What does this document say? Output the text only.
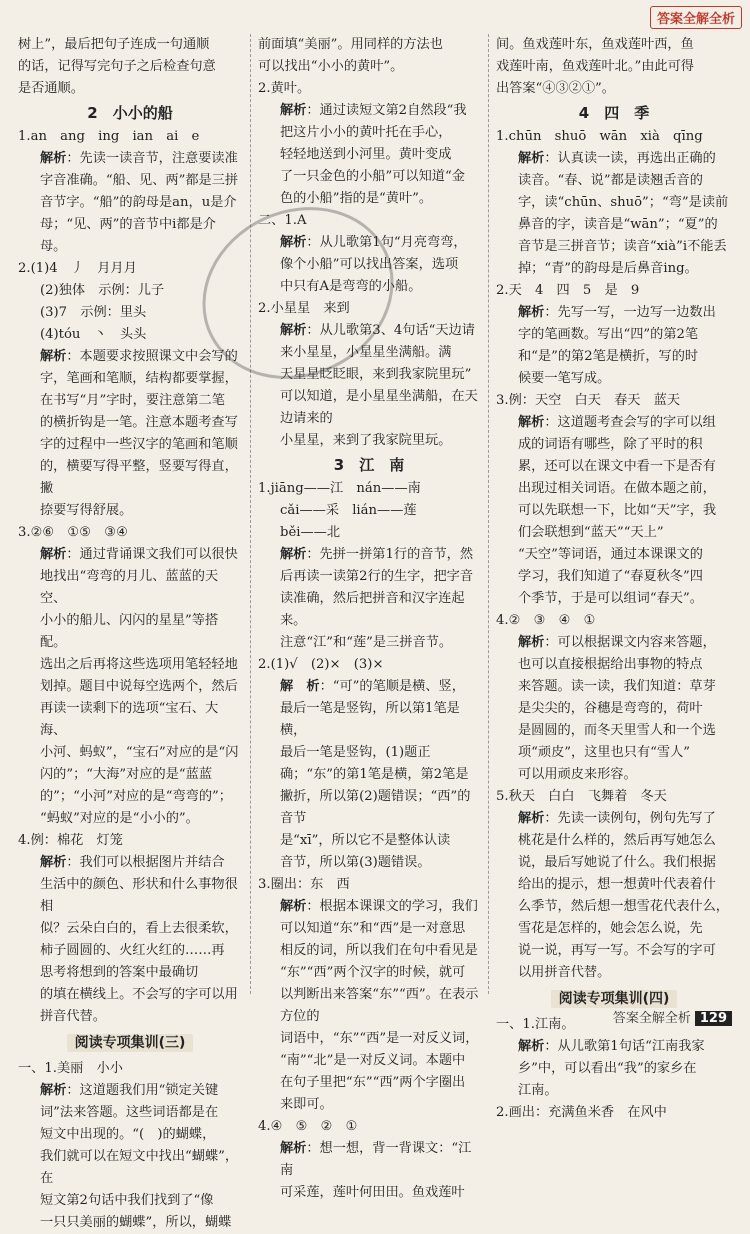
答案全解全析
树上”，最后把句子连成一句通顺
的话，记得写完句子之后检查句意
是否通顺。
2　小小的船
1.an　ang　ing　ian　ai　e
解析：先读一读音节，注意要读准
字音准确。“船、见、两”都是三拼
音节字。“船”的韵母是an，u是介
母；“见、两”的音节中i都是介母。
2.(1)4　丿　月月月
(2)独体　示例：儿子
(3)7　示例：里头
(4)tóu　丶　头头
解析：本题要求按照课文中会写的
字，笔画和笔顺，结构都要掌握，
在书写“月”字时，要注意第二笔
的横折钩是一笔。注意本题考查写
字的过程中一些汉字的笔画和笔顺
的，横要写得平整，竖要写得直，撇
捺要写得舒展。
3.②⑥　①⑤　③④
解析：通过背诵课文我们可以很快
地找出“弯弯的月儿、蓝蓝的天空、
小小的船儿、闪闪的星星”等搭配。
选出之后再将这些选项用笔轻轻地
划掉。题目中说每空选两个，然后
再读一读剩下的选项“宝石、大海、
小河、蚂蚁”，“宝石”对应的是“闪
闪的”；“大海”对应的是“蓝蓝
的”；“小河”对应的是“弯弯的”；
“蚂蚁”对应的是“小小的”。
4.例：棉花　灯笼
解析：我们可以根据图片并结合
生活中的颜色、形状和什么事物很相
似？云朵白白的，看上去很柔软，
柿子圆圆的、火红火红的……再
思考将想到的答案中最确切
的填在横线上。不会写的字可以用
拼音代替。
阅读专项集训(三)
一、1.美丽　小小
解析：这道题我们用“锁定关键
词”法来答题。这些词语都是在
短文中出现的。“(　)的蝴蝶，
我们就可以在短文中找出“蝴蝶”，在
短文第2句话中我们找到了“像
一只只美丽的蝴蝶”，所以，蝴蝶
前面填“美丽”。用同样的方法也
可以找出“小小的黄叶”。
2.黄叶。
解析：通过读短文第2自然段“我
把这片小小的黄叶托在手心，
轻轻地送到小河里。黄叶变成
了一只金色的小船”可以知道“金
色的小船”指的是“黄叶”。
二、1.A
解析：从儿歌第1句“月亮弯弯，
像个小船”可以找出答案，选项
中只有A是弯弯的小船。
2.小星星　来到
解析：从儿歌第3、4句话“天边请
来小星星，小星星坐满船。满
天星星眨眨眼，来到我家院里玩”
可以知道，是小星星坐满船，在天边请来的
小星星，来到了我家院里玩。
3　江　南
1.jiāng——江　nán——南
cǎi——采　lián——莲
běi——北
解析：先拼一拼第1行的音节，然
后再读一读第2行的生字，把字音
读准确，然后把拼音和汉字连起来。
注意“江”和“莲”是三拼音节。
2.(1)√　(2)×　(3)×
解　析：“可”的笔顺是横、竖，
最后一笔是竖钩，所以第1笔是横，
最后一笔是竖钩，(1)题正
确；“东”的第1笔是横，第2笔是
撇折，所以第(2)题错误；“西”的音节
是“xī”，所以它不是整体认读
音节，所以第(3)题错误。
3.圈出：东　西
解析：根据本课课文的学习，我们
可以知道“东”和“西”是一对意思
相反的词，所以我们在句中看见是
“东”“西”两个汉字的时候，就可
以判断出来答案“东”“西”。在表示方位的
词语中，“东”“西”是一对反义词，
“南”“北”是一对反义词。本题中
在句子里把“东”“西”两个字圈出
来即可。
4.④　⑤　②　①
解析：想一想，背一背课文：“江南
可采莲，莲叶何田田。鱼戏莲叶
间。鱼戏莲叶东，鱼戏莲叶西，鱼
戏莲叶南，鱼戏莲叶北。”由此可得
出答案“④③②①”。
4　四　季
1.chūn　shuō　wān　xià　qīng
解析：认真读一读，再选出正确的
读音。“春、说”都是读翘舌音的
字，读“chūn、shuō”；“弯”是读前
鼻音的字，读音是“wān”；“夏”的
音节是三拼音节；读音“xià”i不能丢
掉；“青”的韵母是后鼻音ing。
2.天　4　四　5　是　9
解析：先写一写，一边写一边数出
字的笔画数。写出“四”的第2笔
和“是”的第2笔是横折，写的时
候要一笔写成。
3.例：天空　白天　春天　蓝天
解析：这道题考查会写的字可以组
成的词语有哪些，除了平时的积
累，还可以在课文中看一下是否有
出现过相关词语。在做本题之前，
可以先联想一下，比如“天”字，我
们会联想到“蓝天”“天上”
“天空”等词语，通过本课课文的
学习，我们知道了“春夏秋冬”四
个季节，于是可以组词“春天”。
4.②　③　④　①
解析：可以根据课文内容来答题，
也可以直接根据给出事物的特点
来答题。读一读，我们知道：草芽
是尖尖的，谷穗是弯弯的，荷叶
是圆圆的，而冬天里雪人和一个选
项“顽皮”，这里也只有“雪人”
可以用顽皮来形容。
5.秋天　白白　飞舞着　冬天
解析：先读一读例句，例句先写了
桃花是什么样的，然后再写她怎么
说，最后写她说了什么。我们根据
给出的提示，想一想黄叶代表着什
么季节，然后想一想雪花代表什么，
雪花是怎样的，她会怎么说，先
说一说，再写一写。不会写的字可
以用拼音代替。
阅读专项集训(四)
一、1.江南。
解析：从儿歌第1句话“江南我家
乡”中，可以看出“我”的家乡在
江南。
2.画出：充满鱼米香　在风中
答案全解全析 129
